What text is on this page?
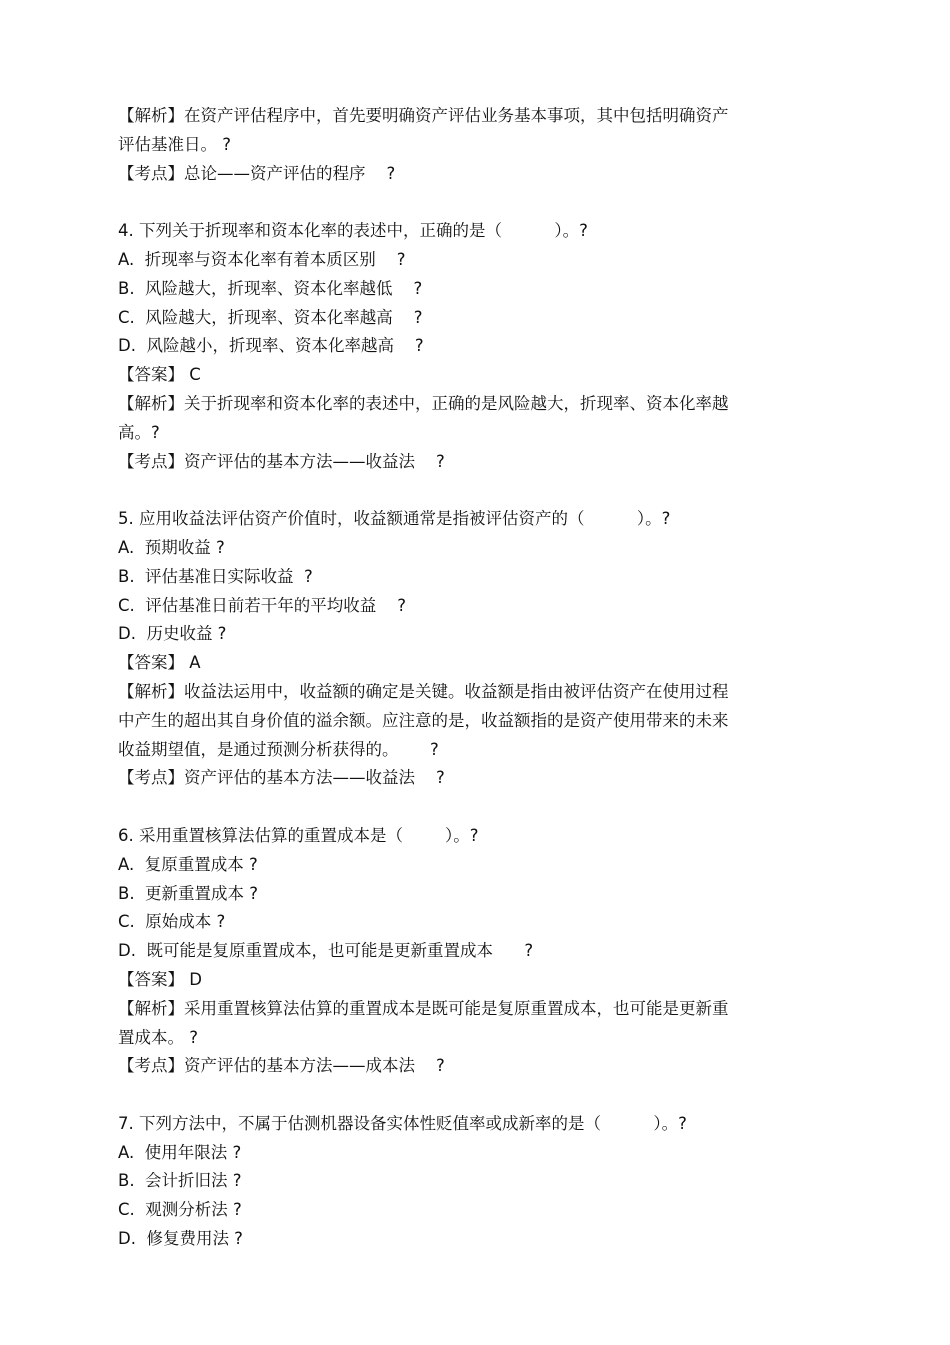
【解析】在资产评估程序中，首先要明确资产评估业务基本事项，其中包括明确资产

评估基准日。 ?

【考点】总论——资产评估的程序    ?

4. 下列关于折现率和资本化率的表述中，正确的是（          ）。?

A.  折现率与资本化率有着本质区别    ?

B.  风险越大，折现率、资本化率越低    ?

C.  风险越大，折现率、资本化率越高    ?

D.  风险越小，折现率、资本化率越高    ?

【答案】 C

【解析】关于折现率和资本化率的表述中，正确的是风险越大，折现率、资本化率越

高。?

【考点】资产评估的基本方法——收益法    ?

5. 应用收益法评估资产价值时，收益额通常是指被评估资产的（          ）。?

A.  预期收益 ?

B.  评估基准日实际收益  ?

C.  评估基准日前若干年的平均收益    ?

D.  历史收益 ?

【答案】 A

【解析】收益法运用中，收益额的确定是关键。收益额是指由被评估资产在使用过程

中产生的超出其自身价值的溢余额。应注意的是，收益额指的是资产使用带来的未来

收益期望值，是通过预测分析获得的。      ?

【考点】资产评估的基本方法——收益法    ?

6. 采用重置核算法估算的重置成本是（        ）。?

A.  复原重置成本 ?

B.  更新重置成本 ?

C.  原始成本 ?

D.  既可能是复原重置成本，也可能是更新重置成本      ?

【答案】 D

【解析】采用重置核算法估算的重置成本是既可能是复原重置成本，也可能是更新重

置成本。 ?

【考点】资产评估的基本方法——成本法    ?

7. 下列方法中，不属于估测机器设备实体性贬值率或成新率的是（          ）。?

A.  使用年限法 ?

B.  会计折旧法 ?

C.  观测分析法 ?

D.  修复费用法 ?
